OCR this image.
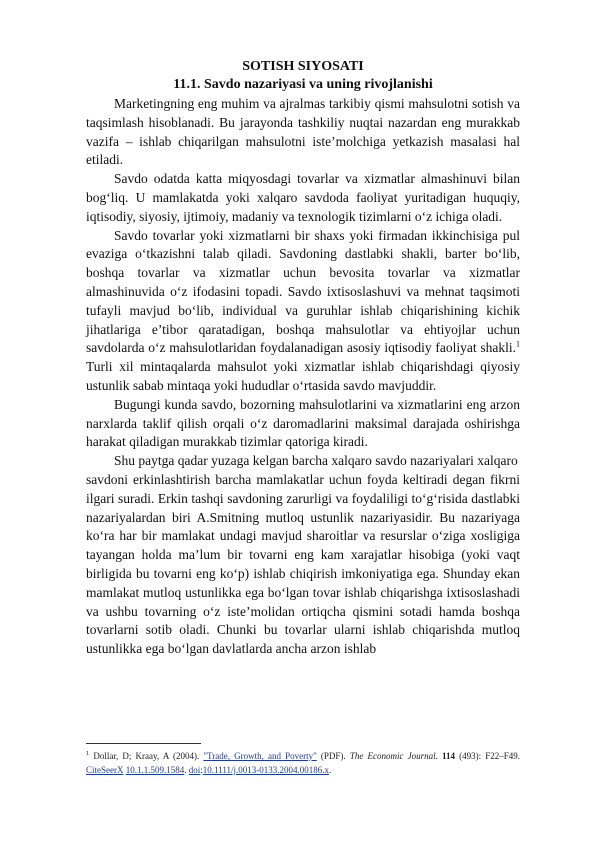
SOTISH SIYOSATI
11.1. Savdo nazariyasi va uning rivojlanishi

Marketingning eng muhim va ajralmas tarkibiy qismi mahsulotni sotish va taqsimlash hisoblanadi. Bu jarayonda tashkiliy nuqtai nazardan eng murakkab vazifa – ishlab chiqarilgan mahsulotni iste’molchiga yetkazish masalasi hal etiladi.

Savdo odatda katta miqyosdagi tovarlar va xizmatlar almashinuvi bilan bog‘liq. U mamlakatda yoki xalqaro savdoda faoliyat yuritadigan huquqiy, iqtisodiy, siyosiy, ijtimoiy, madaniy va texnologik tizimlarni o‘z ichiga oladi.

Savdo tovarlar yoki xizmatlarni bir shaxs yoki firmadan ikkinchisiga pul evaziga o‘tkazishni talab qiladi. Savdoning dastlabki shakli, barter bo‘lib, boshqa tovarlar va xizmatlar uchun bevosita tovarlar va xizmatlar almashinuvida o‘z ifodasini topadi. Savdo ixtisoslashuvi va mehnat taqsimoti tufayli mavjud bo‘lib, individual va guruhlar ishlab chiqarishining kichik jihatlariga e’tibor qaratadigan, boshqa mahsulotlar va ehtiyojlar uchun savdolarda o‘z mahsulotlaridan foydalanadigan asosiy iqtisodiy faoliyat shakli.$^1$ Turli xil mintaqalarda mahsulot yoki xizmatlar ishlab chiqarishdagi qiyosiy ustunlik sabab mintaqa yoki hududlar o‘rtasida savdo mavjuddir.

Bugungi kunda savdo, bozorning mahsulotlarini va xizmatlarini eng arzon narxlarda taklif qilish orqali o‘z daromadlarini maksimal darajada oshirishga harakat qiladigan murakkab tizimlar qatoriga kiradi.

Shu paytga qadar yuzaga kelgan barcha xalqaro savdo nazariyalari xalqaro

savdoni erkinlashtirish barcha mamlakatlar uchun foyda keltiradi degan fikrni ilgari suradi. Erkin tashqi savdoning zarurligi va foydaliligi to‘g‘risida dastlabki nazariyalardan biri A.Smitning mutloq ustunlik nazariyasidir. Bu nazariyaga ko‘ra har bir mamlakat undagi mavjud sharoitlar va resurslar o‘ziga xosligiga tayangan holda ma’lum bir tovarni eng kam xarajatlar hisobiga (yoki vaqt birligida bu tovarni eng ko‘p) ishlab chiqirish imkoniyatiga ega. Shunday ekan mamlakat mutloq ustunlikka ega bo‘lgan tovar ishlab chiqarishga ixtisoslashadi va ushbu tovarning o‘z iste’molidan ortiqcha qismini sotadi hamda boshqa tovarlarni sotib oladi. Chunki bu tovarlar ularni ishlab chiqarishda mutloq ustunlikka ega bo‘lgan davlatlarda ancha arzon ishlab

$^1$ Dollar, D; Kraay, A (2004). "Trade, Growth, and Poverty" (PDF). The Economic Journal. 114 (493): F22–F49. CiteSeerX 10.1.1.509.1584. doi:10.1111/j.0013-0133.2004.00186.x.
